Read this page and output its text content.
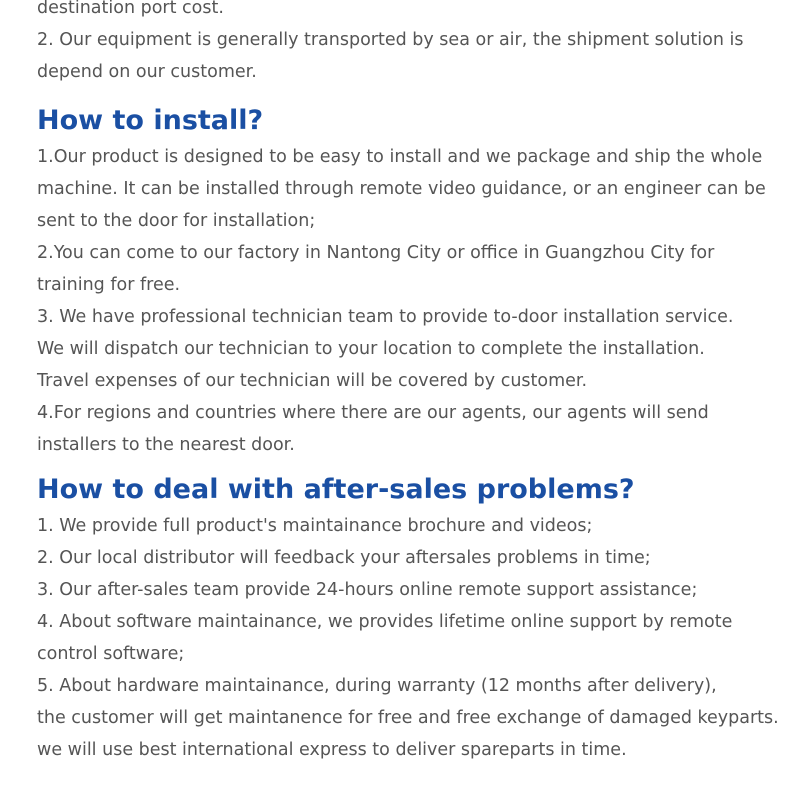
destination port cost.

2. Our equipment is generally transported by sea or air, the shipment solution is

depend on our customer.

How to install?

1.Our product is designed to be easy to install and we package and ship the whole

machine. It can be installed through remote video guidance, or an engineer can be

sent to the door for installation;

2.You can come to our factory in Nantong City or office in Guangzhou City for

training for free.

3. We have professional technician team to provide to-door installation service.

We will dispatch our technician to your location to complete the installation.

Travel expenses of our technician will be covered by customer.

4.For regions and countries where there are our agents, our agents will send

installers to the nearest door.

How to deal with after-sales problems?

1. We provide full product's maintainance brochure and videos;

2. Our local distributor will feedback your aftersales problems in time;

3. Our after-sales team provide 24-hours online remote support assistance;

4. About software maintainance, we provides lifetime online support by remote

control software;

5. About hardware maintainance, during warranty (12 months after delivery),

the customer will get maintanence for free and free exchange of damaged keyparts.

we will use best international express to deliver spareparts in time.
